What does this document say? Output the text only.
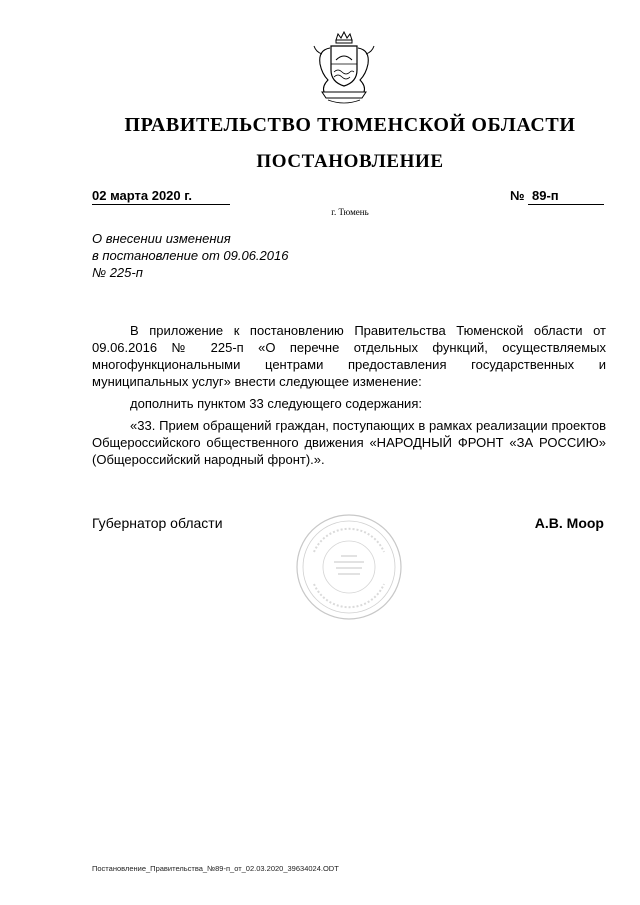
ПРАВИТЕЛЬСТВО ТЮМЕНСКОЙ ОБЛАСТИ
ПОСТАНОВЛЕНИЕ
02 марта 2020 г.	№ 89-п
г. Тюмень
О внесении изменения
в постановление от 09.06.2016
№ 225-п

В приложение к постановлению Правительства Тюменской области от 09.06.2016 № 225-п «О перечне отдельных функций, осуществляемых многофункциональными центрами предоставления государственных и муниципальных услуг» внести следующее изменение:

дополнить пунктом 33 следующего содержания:

«33. Прием обращений граждан, поступающих в рамках реализации проектов Общероссийского общественного движения «НАРОДНЫЙ ФРОНТ «ЗА РОССИЮ» (Общероссийский народный фронт).».

Губернатор области	А.В. Моор
Постановление_Правительства_№89-п_от_02.03.2020_39634024.ODT
